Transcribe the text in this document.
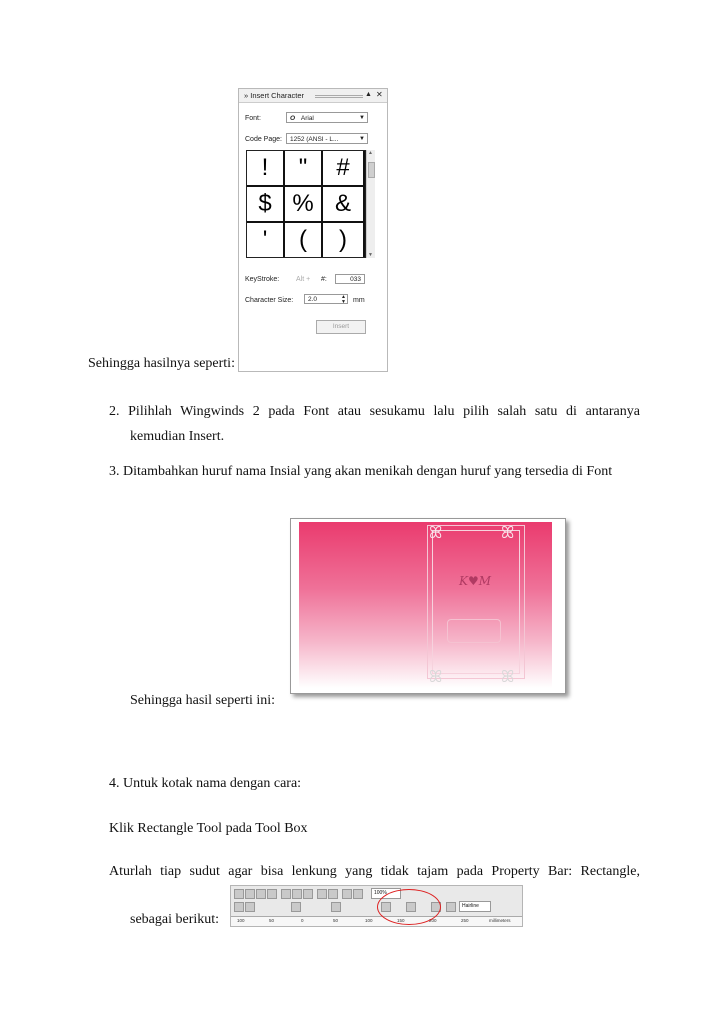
» Insert Character	▲ ✕
Font:	O Arial	▼
Code Page:	1252 (ANSI - L...	▼
!	"	#
$ % &
'	(	)
▲
▼
KeyStroke: Alt + #:	033
Character Size:	2.0	▲
▼ mm
Insert
Sehingga hasilnya seperti:
2. Pilihlah Wingwinds 2 pada Font atau sesukamu lalu pilih salah satu di antaranya
kemudian Insert.
3. Ditambahkan huruf nama Insial yang akan menikah dengan huruf yang tersedia di Font
ꕤ	ꕤ
ꕤ	ꕤ
K♥M
Sehingga hasil seperti ini:
4. Untuk kotak nama dengan cara:
Klik Rectangle Tool pada Tool Box
Aturlah tiap sudut agar bisa lenkung yang tidak tajam pada Property Bar: Rectangle,
sebagai berikut:
100%
Hairline
100	50	0	50	100	150	200	250	millimeters
